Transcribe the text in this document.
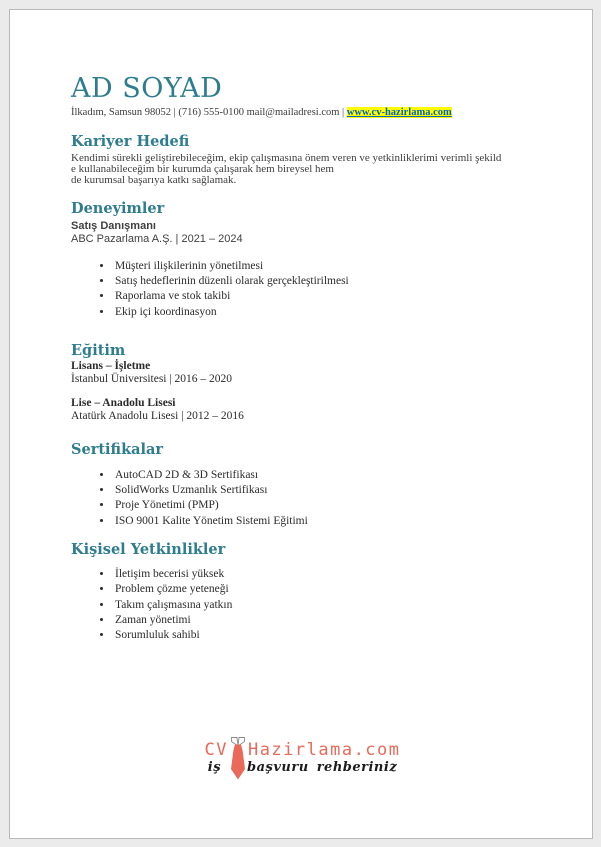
AD SOYAD
İlkadım, Samsun 98052 | (716) 555-0100 mail@mailadresi.com | www.cv-hazirlama.com
Kariyer Hedefi
Kendimi sürekli geliştirebileceğim, ekip çalışmasına önem veren ve yetkinliklerimi verimli şekild
e kullanabileceğim bir kurumda çalışarak hem bireysel hem
de kurumsal başarıya katkı sağlamak.
Deneyimler
Satış Danışmanı
ABC Pazarlama A.Ş. | 2021 – 2024
• Müşteri ilişkilerinin yönetilmesi
• Satış hedeflerinin düzenli olarak gerçekleştirilmesi
• Raporlama ve stok takibi
• Ekip içi koordinasyon
Eğitim
Lisans – İşletme
İstanbul Üniversitesi | 2016 – 2020
Lise – Anadolu Lisesi
Atatürk Anadolu Lisesi | 2012 – 2016
Sertifikalar
• AutoCAD 2D & 3D Sertifikası
• SolidWorks Uzmanlık Sertifikası
• Proje Yönetimi (PMP)
• ISO 9001 Kalite Yönetim Sistemi Eğitimi
Kişisel Yetkinlikler
• İletişim becerisi yüksek
• Problem çözme yeteneği
• Takım çalışmasına yatkın
• Zaman yönetimi
• Sorumluluk sahibi
CV Hazirlama.com
iş başvuru rehberiniz
